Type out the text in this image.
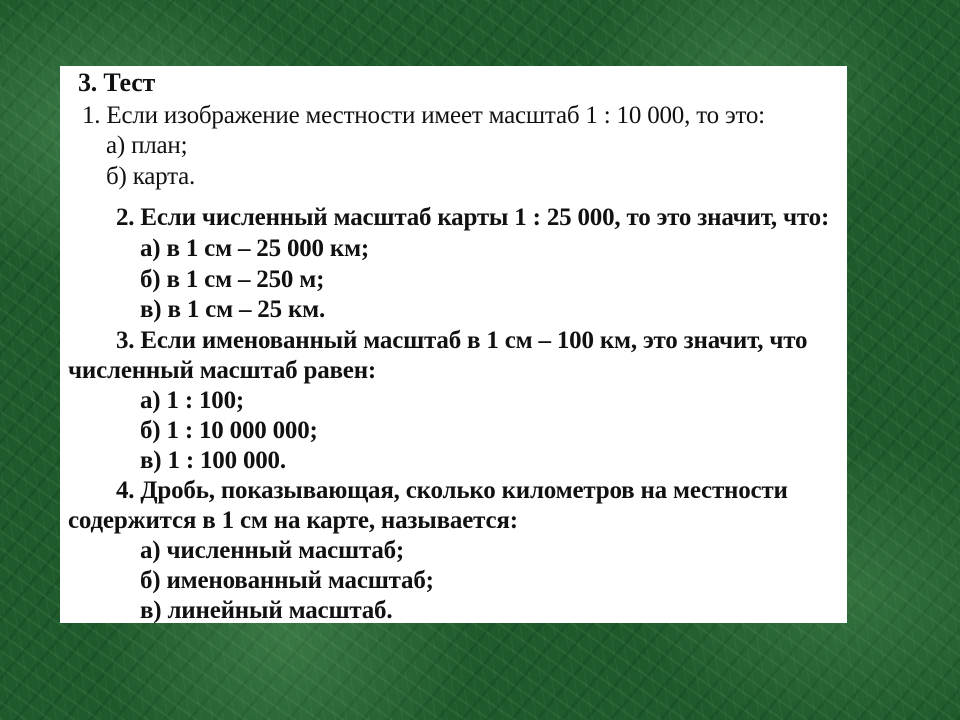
3. Тест
1. Если изображение местности имеет масштаб 1 : 10 000, то это:
а) план;
б) карта.
2. Если численный масштаб карты 1 : 25 000, то это значит, что:
а) в 1 см – 25 000 км;
б) в 1 см – 250 м;
в) в 1 см – 25 км.
3. Если именованный масштаб в 1 см – 100 км, это значит, что
численный масштаб равен:
а) 1 : 100;
б) 1 : 10 000 000;
в) 1 : 100 000.
4. Дробь, показывающая, сколько километров на местности
содержится в 1 см на карте, называется:
а) численный масштаб;
б) именованный масштаб;
в) линейный масштаб.
